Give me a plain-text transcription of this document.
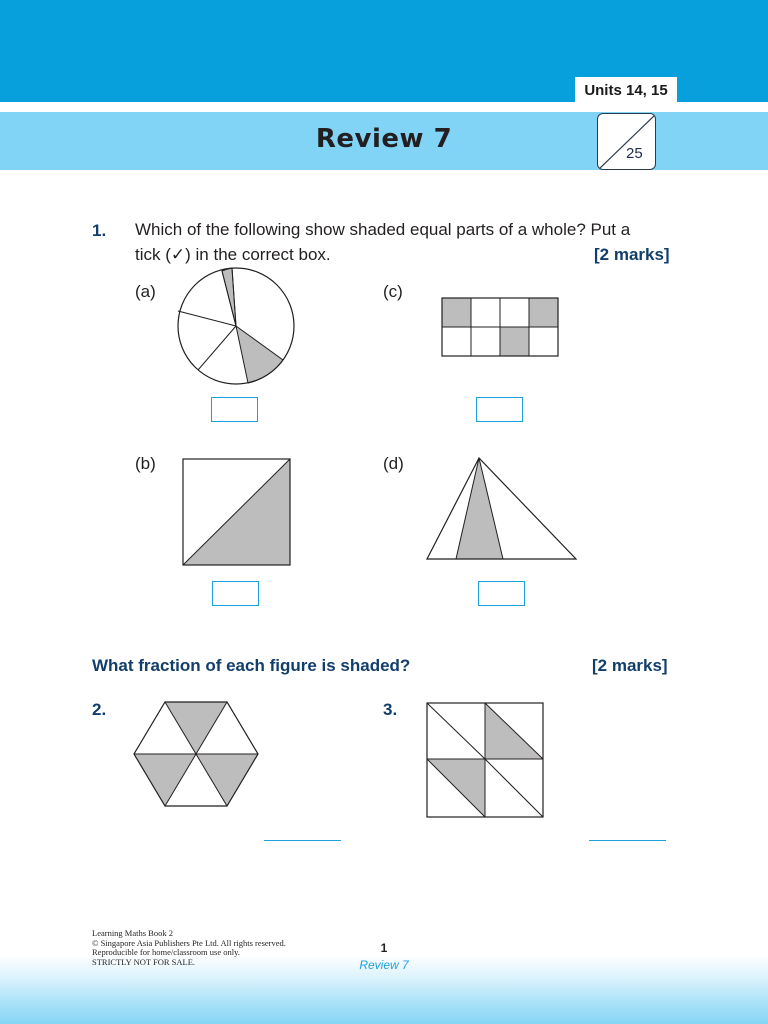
Units 14, 15
Review 7	25
1. Which of the following show shaded equal parts of a whole? Put a
tick (✓) in the correct box.	[2 marks]
(a)	(c)
(b)	(d)
What fraction of each figure is shaded?	[2 marks]
2.	3.
Learning Maths Book 2
© Singapore Asia Publishers Pte Ltd. All rights reserved.
Reproducible for home/classroom use only.
STRICTLY NOT FOR SALE.
1
Review 7
